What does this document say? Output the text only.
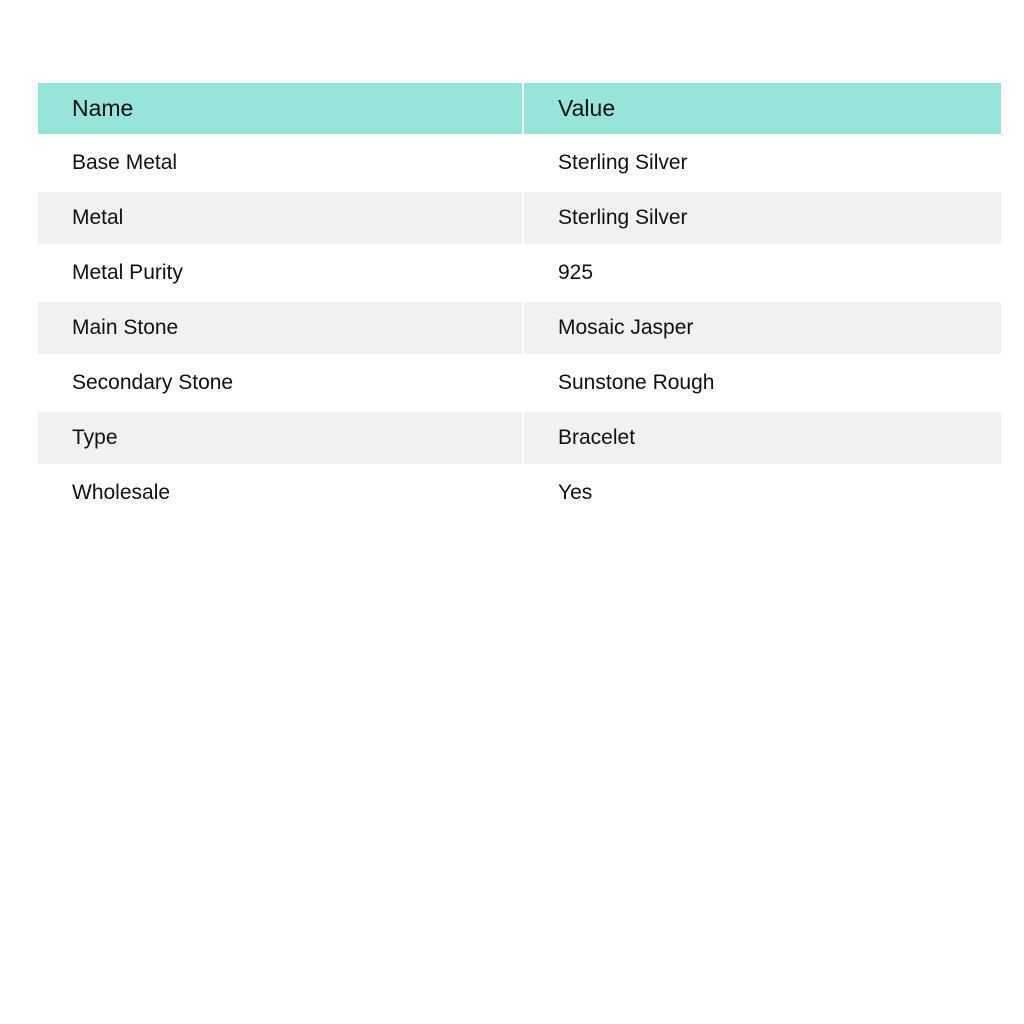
Name	Value
Base Metal	Sterling Silver
Metal	Sterling Silver
Metal Purity	925
Main Stone	Mosaic Jasper
Secondary Stone	Sunstone Rough
Type	Bracelet
Wholesale	Yes
